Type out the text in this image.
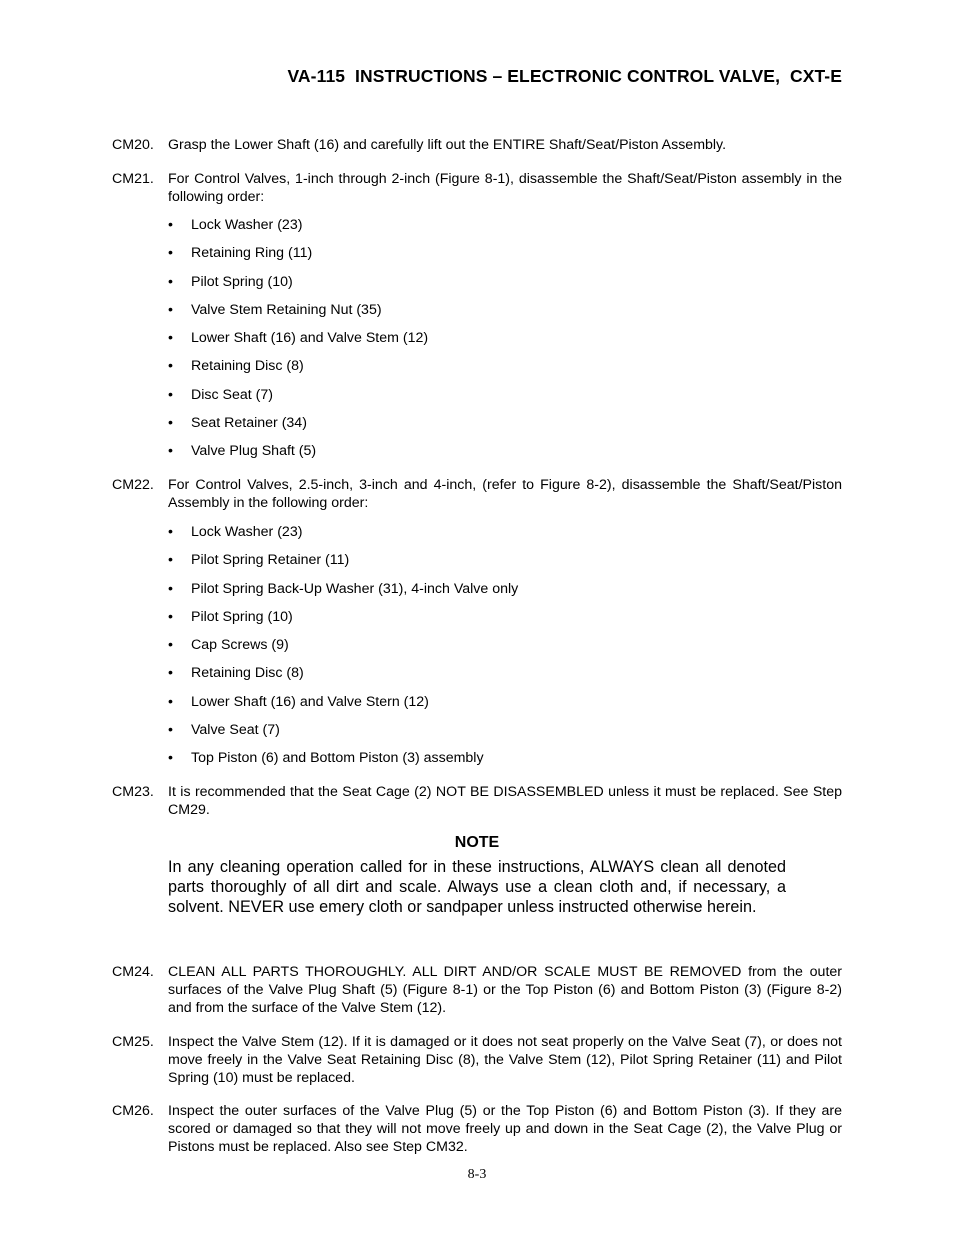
VA-115  INSTRUCTIONS – ELECTRONIC CONTROL VALVE,  CXT-E
CM20. Grasp the Lower Shaft (16) and carefully lift out the ENTIRE Shaft/Seat/Piston Assembly.
CM21. For Control Valves, 1-inch through 2-inch (Figure 8-1), disassemble the Shaft/Seat/Piston assembly in the following order:
• Lock Washer (23)
• Retaining Ring (11)
• Pilot Spring (10)
• Valve Stem Retaining Nut (35)
• Lower Shaft (16) and Valve Stem (12)
• Retaining Disc (8)
• Disc Seat (7)
• Seat Retainer (34)
• Valve Plug Shaft (5)
CM22. For Control Valves, 2.5-inch, 3-inch and 4-inch, (refer to Figure 8-2), disassemble the Shaft/Seat/Piston Assembly in the following order:
• Lock Washer (23)
• Pilot Spring Retainer (11)
• Pilot Spring Back-Up Washer (31), 4-inch Valve only
• Pilot Spring (10)
• Cap Screws (9)
• Retaining Disc (8)
• Lower Shaft (16) and Valve Stern (12)
• Valve Seat (7)
• Top Piston (6) and Bottom Piston (3) assembly
CM23. It is recommended that the Seat Cage (2) NOT BE DISASSEMBLED unless it must be replaced. See Step CM29.
NOTE
In any cleaning operation called for in these instructions, ALWAYS clean all denoted parts thoroughly of all dirt and scale. Always use a clean cloth and, if necessary, a solvent. NEVER use emery cloth or sandpaper unless instructed otherwise herein.
CM24. CLEAN ALL PARTS THOROUGHLY. ALL DIRT AND/OR SCALE MUST BE REMOVED from the outer surfaces of the Valve Plug Shaft (5) (Figure 8-1) or the Top Piston (6) and Bottom Piston (3) (Figure 8-2) and from the surface of the Valve Stem (12).
CM25. Inspect the Valve Stem (12). If it is damaged or it does not seat properly on the Valve Seat (7), or does not move freely in the Valve Seat Retaining Disc (8), the Valve Stem (12), Pilot Spring Retainer (11) and Pilot Spring (10) must be replaced.
CM26. Inspect the outer surfaces of the Valve Plug (5) or the Top Piston (6) and Bottom Piston (3). If they are scored or damaged so that they will not move freely up and down in the Seat Cage (2), the Valve Plug or Pistons must be replaced. Also see Step CM32.
8-3
